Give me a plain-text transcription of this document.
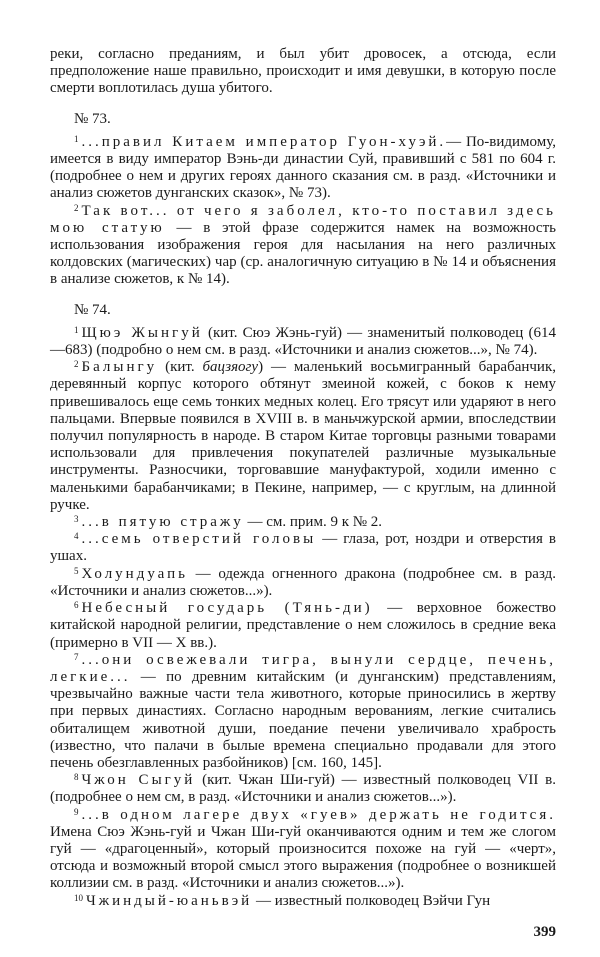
реки, согласно преданиям, и был убит дровосек, а отсюда, если предположение наше правильно, происходит и имя девушки, в которую после смерти воплотилась душа убитого.

№ 73.

$^1$ ...правил Китаем император Гуон-хуэй.— По-видимому, имеется в виду император Вэнь-ди династии Суй, правивший с 581 по 604 г. (подробнее о нем и других героях данного сказания см. в разд. «Источники и анализ сюжетов дунганских сказок», № 73).

$^2$ Так вот... от чего я заболел, кто-то поставил здесь мою статую — в этой фразе содержится намек на возможность использования изображения героя для насылания на него различных колдовских (магических) чар (ср. аналогичную ситуацию в № 14 и объяснения в анализе сюжетов, к № 14).

№ 74.

$^1$ Щюэ Жынгуй (кит. Сюэ Жэнь-гуй) — знаменитый полководец (614—683) (подробно о нем см. в разд. «Источники и анализ сюжетов...», № 74).

$^2$ Балынгу (кит. бацзяогу) — маленький восьмигранный барабанчик, деревянный корпус которого обтянут змеиной кожей, с боков к нему привешивалось еще семь тонких медных колец. Его трясут или ударяют в него пальцами. Впервые появился в XVIII в. в маньчжурской армии, впоследствии получил популярность в народе. В старом Китае торговцы разными товарами использовали для привлечения покупателей различные музыкальные инструменты. Разносчики, торговавшие мануфактурой, ходили именно с маленькими барабанчиками; в Пекине, например, — с круглым, на длинной ручке.

$^3$ ...в пятую стражу — см. прим. 9 к № 2.

$^4$ ...семь отверстий головы — глаза, рот, ноздри и отверстия в ушах.

$^5$ Холундуапь — одежда огненного дракона (подробнее см. в разд. «Источники и анализ сюжетов...»).

$^6$ Небесный государь (Тянь-ди) — верховное божество китайской народной религии, представление о нем сложилось в средние века (примерно в VII — X вв.).

$^7$ ...они освежевали тигра, вынули сердце, печень, легкие... — по древним китайским (и дунганским) представлениям, чрезвычайно важные части тела животного, которые приносились в жертву при первых династиях. Согласно народным верованиям, легкие считались обиталищем животной души, поедание печени увеличивало храбрость (известно, что палачи в былые времена специально продавали для этого печень обезглавленных разбойников) [см. 160, 145].

$^8$ Чжон Сыгуй (кит. Чжан Ши-гуй) — известный полководец VII в. (подробнее о нем см, в разд. «Источники и анализ сюжетов...»).

$^9$ ...в одном лагере двух «гуев» держать не годится. Имена Сюэ Жэнь-гуй и Чжан Ши-гуй оканчиваются одним и тем же слогом гуй — «драгоценный», который произносится похоже на гуй — «черт», отсюда и возможный второй смысл этого выражения (подробнее о возникшей коллизии см. в разд. «Источники и анализ сюжетов...»).

$^{10}$ Чжиндый-юаньвэй — известный полководец Вэйчи Гун

399
